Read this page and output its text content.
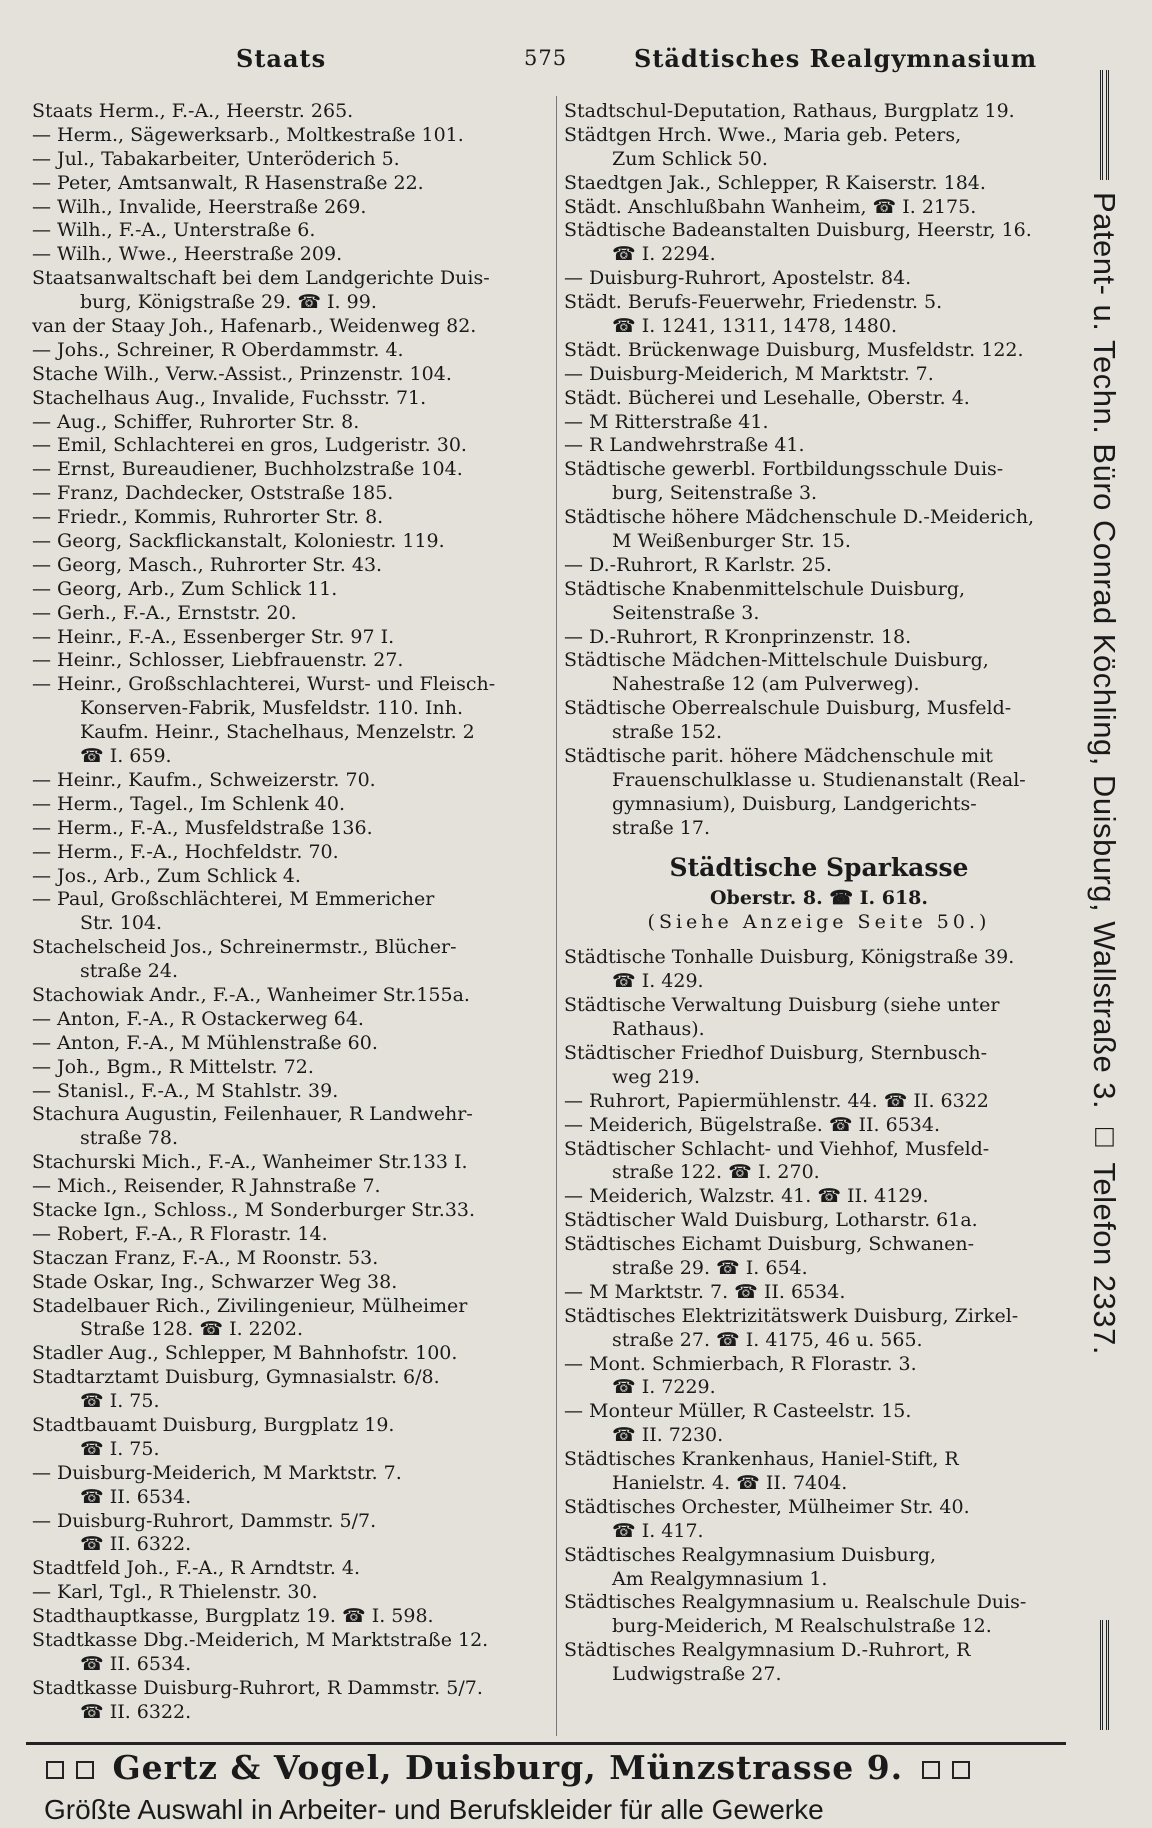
Staats	575	Städtisches Realgymnasium
Staats Herm., F.-A., Heerstr. 265.
— Herm., Sägewerksarb., Moltkestraße 101.
— Jul., Tabakarbeiter, Unteröderich 5.
— Peter, Amtsanwalt, R Hasenstraße 22.
— Wilh., Invalide, Heerstraße 269.
— Wilh., F.-A., Unterstraße 6.
— Wilh., Wwe., Heerstraße 209.
Staatsanwaltschaft bei dem Landgerichte Duis-
burg, Königstraße 29. ☎ I. 99.
van der Staay Joh., Hafenarb., Weidenweg 82.
— Johs., Schreiner, R Oberdammstr. 4.
Stache Wilh., Verw.-Assist., Prinzenstr. 104.
Stachelhaus Aug., Invalide, Fuchsstr. 71.
— Aug., Schiffer, Ruhrorter Str. 8.
— Emil, Schlachterei en gros, Ludgeristr. 30.
— Ernst, Bureaudiener, Buchholzstraße 104.
— Franz, Dachdecker, Oststraße 185.
— Friedr., Kommis, Ruhrorter Str. 8.
— Georg, Sackflickanstalt, Koloniestr. 119.
— Georg, Masch., Ruhrorter Str. 43.
— Georg, Arb., Zum Schlick 11.
— Gerh., F.-A., Ernststr. 20.
— Heinr., F.-A., Essenberger Str. 97 I.
— Heinr., Schlosser, Liebfrauenstr. 27.
— Heinr., Großschlachterei, Wurst- und Fleisch-
Konserven-Fabrik, Musfeldstr. 110. Inh.
Kaufm. Heinr., Stachelhaus, Menzelstr. 2
☎ I. 659.
— Heinr., Kaufm., Schweizerstr. 70.
— Herm., Tagel., Im Schlenk 40.
— Herm., F.-A., Musfeldstraße 136.
— Herm., F.-A., Hochfeldstr. 70.
— Jos., Arb., Zum Schlick 4.
— Paul, Großschlächterei, M Emmericher
Str. 104.
Stachelscheid Jos., Schreinermstr., Blücher-
straße 24.
Stachowiak Andr., F.-A., Wanheimer Str.155a.
— Anton, F.-A., R Ostackerweg 64.
— Anton, F.-A., M Mühlenstraße 60.
— Joh., Bgm., R Mittelstr. 72.
— Stanisl., F.-A., M Stahlstr. 39.
Stachura Augustin, Feilenhauer, R Landwehr-
straße 78.
Stachurski Mich., F.-A., Wanheimer Str.133 I.
— Mich., Reisender, R Jahnstraße 7.
Stacke Ign., Schloss., M Sonderburger Str.33.
— Robert, F.-A., R Florastr. 14.
Staczan Franz, F.-A., M Roonstr. 53.
Stade Oskar, Ing., Schwarzer Weg 38.
Stadelbauer Rich., Zivilingenieur, Mülheimer
Straße 128. ☎ I. 2202.
Stadler Aug., Schlepper, M Bahnhofstr. 100.
Stadtarztamt Duisburg, Gymnasialstr. 6/8.
☎ I. 75.
Stadtbauamt Duisburg, Burgplatz 19.
☎ I. 75.
— Duisburg-Meiderich, M Marktstr. 7.
☎ II. 6534.
— Duisburg-Ruhrort, Dammstr. 5/7.
☎ II. 6322.
Stadtfeld Joh., F.-A., R Arndtstr. 4.
— Karl, Tgl., R Thielenstr. 30.
Stadthauptkasse, Burgplatz 19. ☎ I. 598.
Stadtkasse Dbg.-Meiderich, M Marktstraße 12.
☎ II. 6534.
Stadtkasse Duisburg-Ruhrort, R Dammstr. 5/7.
☎ II. 6322.
Stadtschul-Deputation, Rathaus, Burgplatz 19.
Städtgen Hrch. Wwe., Maria geb. Peters,
Zum Schlick 50.
Staedtgen Jak., Schlepper, R Kaiserstr. 184.
Städt. Anschlußbahn Wanheim, ☎ I. 2175.
Städtische Badeanstalten Duisburg, Heerstr, 16.
☎ I. 2294.
— Duisburg-Ruhrort, Apostelstr. 84.
Städt. Berufs-Feuerwehr, Friedenstr. 5.
☎ I. 1241, 1311, 1478, 1480.
Städt. Brückenwage Duisburg, Musfeldstr. 122.
— Duisburg-Meiderich, M Marktstr. 7.
Städt. Bücherei und Lesehalle, Oberstr. 4.
— M Ritterstraße 41.
— R Landwehrstraße 41.
Städtische gewerbl. Fortbildungsschule Duis-
burg, Seitenstraße 3.
Städtische höhere Mädchenschule D.-Meiderich,
M Weißenburger Str. 15.
— D.-Ruhrort, R Karlstr. 25.
Städtische Knabenmittelschule Duisburg,
Seitenstraße 3.
— D.-Ruhrort, R Kronprinzenstr. 18.
Städtische Mädchen-Mittelschule Duisburg,
Nahestraße 12 (am Pulverweg).
Städtische Oberrealschule Duisburg, Musfeld-
straße 152.
Städtische parit. höhere Mädchenschule mit
Frauenschulklasse u. Studienanstalt (Real-
gymnasium), Duisburg, Landgerichts-
straße 17.
Städtische Sparkasse
Oberstr. 8. ☎ I. 618.
(Siehe Anzeige Seite 50.)
Städtische Tonhalle Duisburg, Königstraße 39.
☎ I. 429.
Städtische Verwaltung Duisburg (siehe unter
Rathaus).
Städtischer Friedhof Duisburg, Sternbusch-
weg 219.
— Ruhrort, Papiermühlenstr. 44. ☎ II. 6322
— Meiderich, Bügelstraße. ☎ II. 6534.
Städtischer Schlacht- und Viehhof, Musfeld-
straße 122. ☎ I. 270.
— Meiderich, Walzstr. 41. ☎ II. 4129.
Städtischer Wald Duisburg, Lotharstr. 61a.
Städtisches Eichamt Duisburg, Schwanen-
straße 29. ☎ I. 654.
— M Marktstr. 7. ☎ II. 6534.
Städtisches Elektrizitätswerk Duisburg, Zirkel-
straße 27. ☎ I. 4175, 46 u. 565.
— Mont. Schmierbach, R Florastr. 3.
☎ I. 7229.
— Monteur Müller, R Casteelstr. 15.
☎ II. 7230.
Städtisches Krankenhaus, Haniel-Stift, R
Hanielstr. 4. ☎ II. 7404.
Städtisches Orchester, Mülheimer Str. 40.
☎ I. 417.
Städtisches Realgymnasium Duisburg,
Am Realgymnasium 1.
Städtisches Realgymnasium u. Realschule Duis-
burg-Meiderich, M Realschulstraße 12.
Städtisches Realgymnasium D.-Ruhrort, R
Ludwigstraße 27.
Patent- u. Techn. Büro Conrad Köchling, Duisburg, Wallstraße 3. □ Telefon 2337.
Gertz & Vogel, Duisburg, Münzstrasse 9.
Größte Auswahl in Arbeiter- und Berufskleider für alle Gewerke
